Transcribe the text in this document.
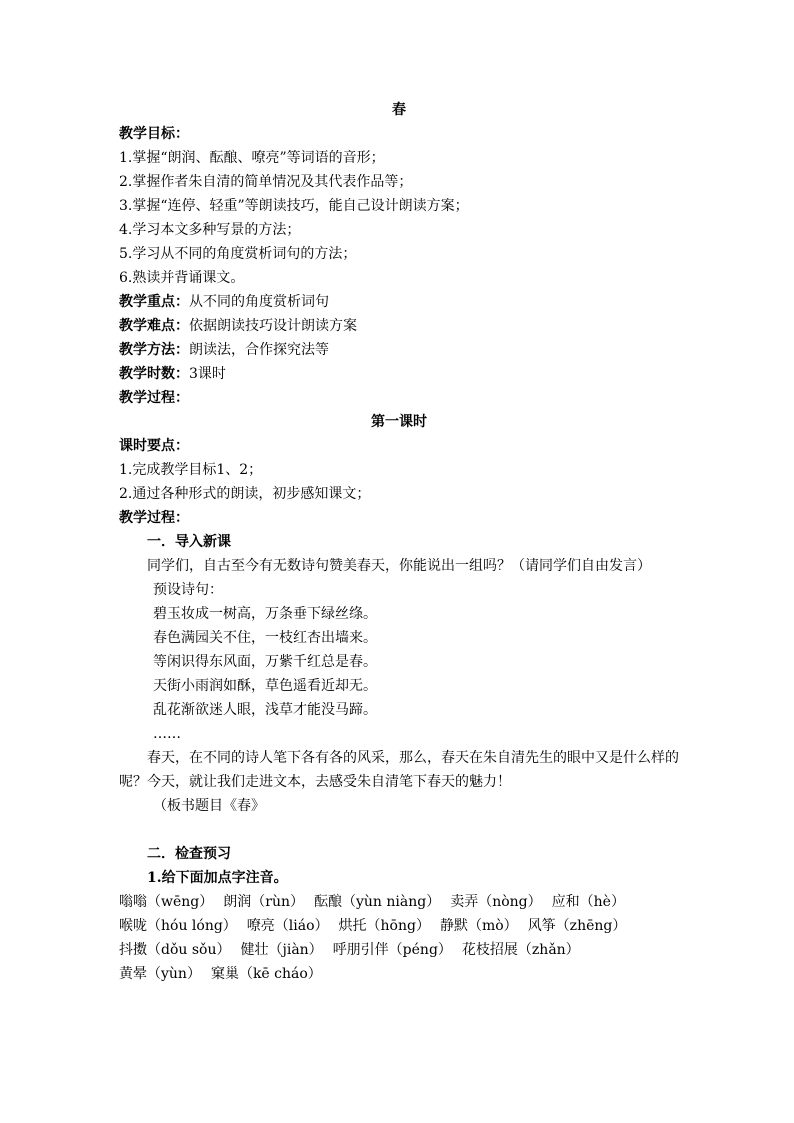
春
教学目标：
1.掌握“朗润、酝酿、嘹亮”等词语的音形；
2.掌握作者朱自清的简单情况及其代表作品等；
3.掌握“连停、轻重”等朗读技巧，能自己设计朗读方案；
4.学习本文多种写景的方法；
5.学习从不同的角度赏析词句的方法；
6.熟读并背诵课文。
教学重点：从不同的角度赏析词句
教学难点：依据朗读技巧设计朗读方案
教学方法：朗读法，合作探究法等
教学时数：3课时
教学过程：
第一课时
课时要点：
1.完成教学目标1、2；
2.通过各种形式的朗读，初步感知课文；
教学过程：
一．导入新课
同学们，自古至今有无数诗句赞美春天，你能说出一组吗？（请同学们自由发言）
预设诗句：
碧玉妆成一树高，万条垂下绿丝绦。
春色满园关不住，一枝红杏出墙来。
等闲识得东风面，万紫千红总是春。
天街小雨润如酥，草色遥看近却无。
乱花渐欲迷人眼，浅草才能没马蹄。
……
春天，在不同的诗人笔下各有各的风采，那么，春天在朱自清先生的眼中又是什么样的呢？今天，就让我们走进文本，去感受朱自清笔下春天的魅力！
（板书题目《春》
二．检查预习
1.给下面加点字注音。
嗡嗡（wēng） 朗润（rùn） 酝酿（yùn niàng） 卖弄（nòng） 应和（hè）
喉咙（hóu lóng） 嘹亮（liáo） 烘托（hōng） 静默（mò） 风筝（zhēng）
抖擞（dǒu sǒu） 健壮（jiàn） 呼朋引伴（péng） 花枝招展（zhǎn）
黄晕（yùn） 窠巢（kē cháo）
